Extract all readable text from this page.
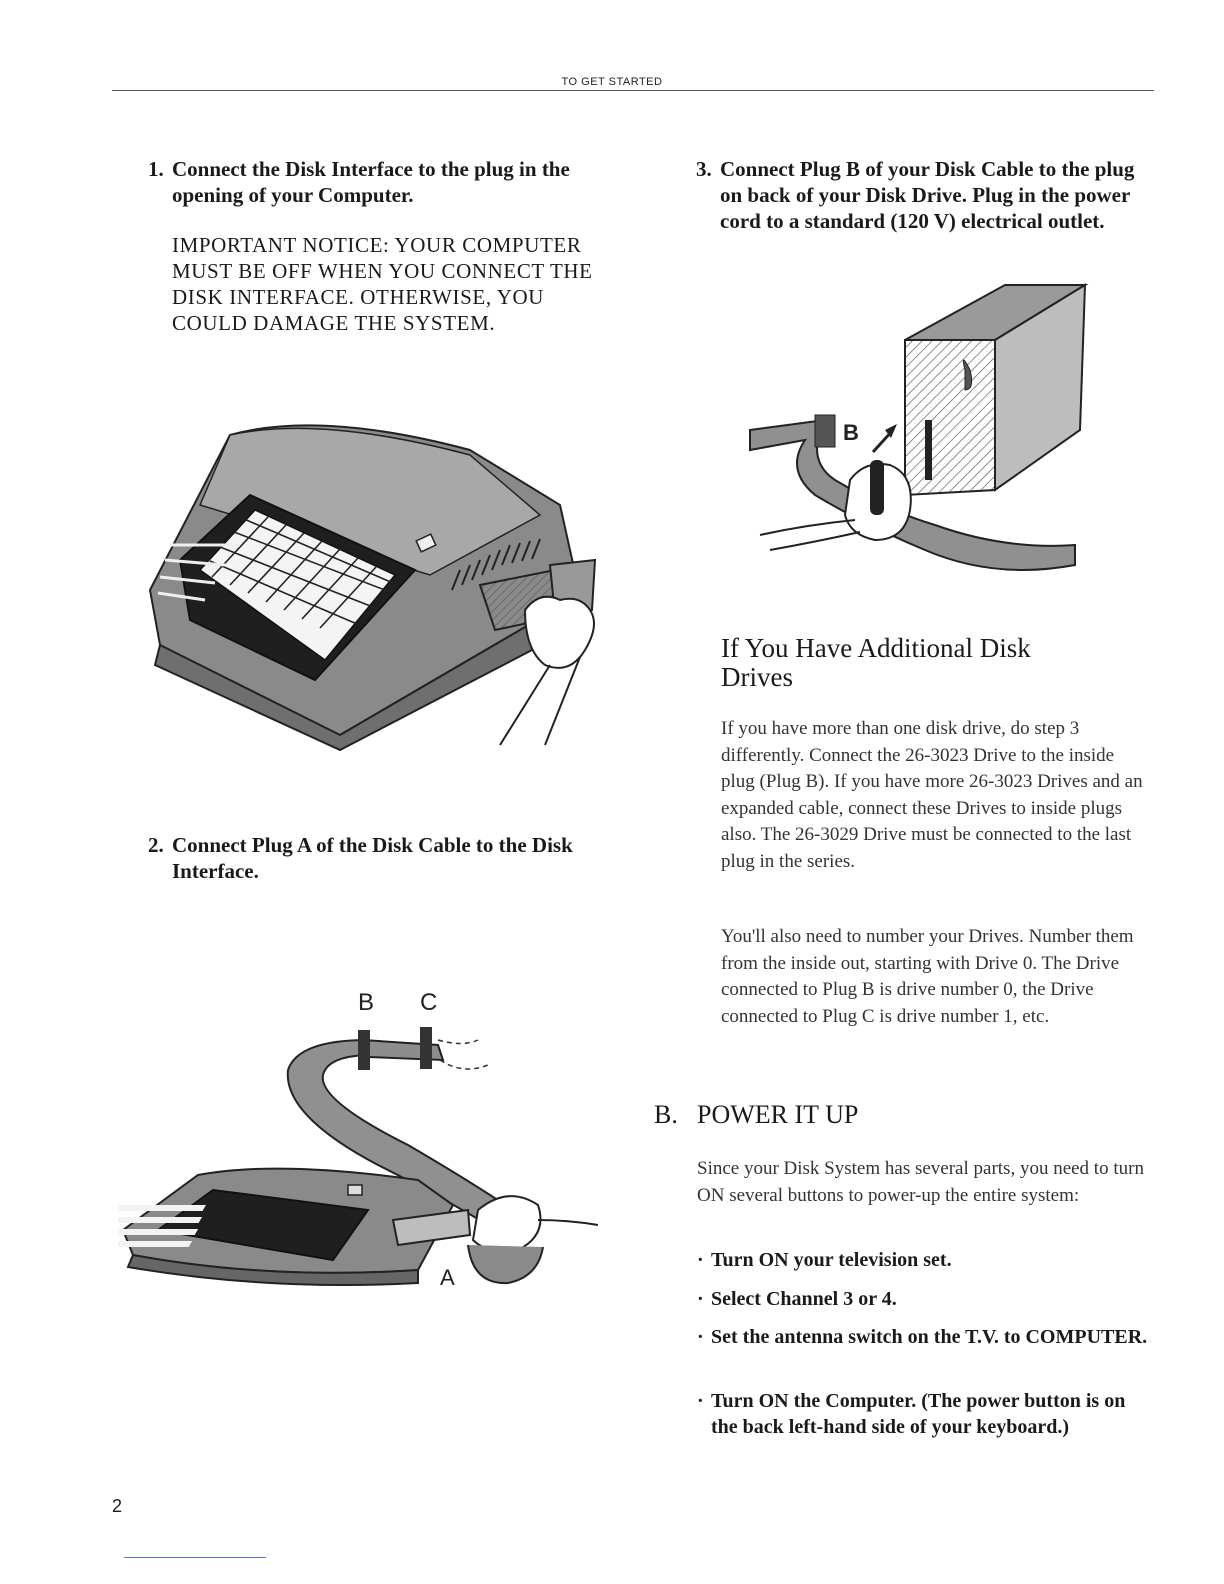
TO GET STARTED
1. Connect the Disk Interface to the plug in the opening of your Computer.
IMPORTANT NOTICE: YOUR COMPUTER MUST BE OFF WHEN YOU CONNECT THE DISK INTERFACE. OTHERWISE, YOU COULD DAMAGE THE SYSTEM.
2. Connect Plug A of the Disk Cable to the Disk Interface.
B C
A
2
3. Connect Plug B of your Disk Cable to the plug on back of your Disk Drive. Plug in the power cord to a standard (120 V) electrical outlet.
B
If You Have Additional Disk Drives
If you have more than one disk drive, do step 3 differently. Connect the 26-3023 Drive to the inside plug (Plug B). If you have more 26-3023 Drives and an expanded cable, connect these Drives to inside plugs also. The 26-3029 Drive must be connected to the last plug in the series.
You'll also need to number your Drives. Number them from the inside out, starting with Drive 0. The Drive connected to Plug B is drive number 0, the Drive connected to Plug C is drive number 1, etc.
B. POWER IT UP
Since your Disk System has several parts, you need to turn ON several buttons to power-up the entire system:
· Turn ON your television set.
· Select Channel 3 or 4.
· Set the antenna switch on the T.V. to COMPUTER.
· Turn ON the Computer. (The power button is on the back left-hand side of your keyboard.)
